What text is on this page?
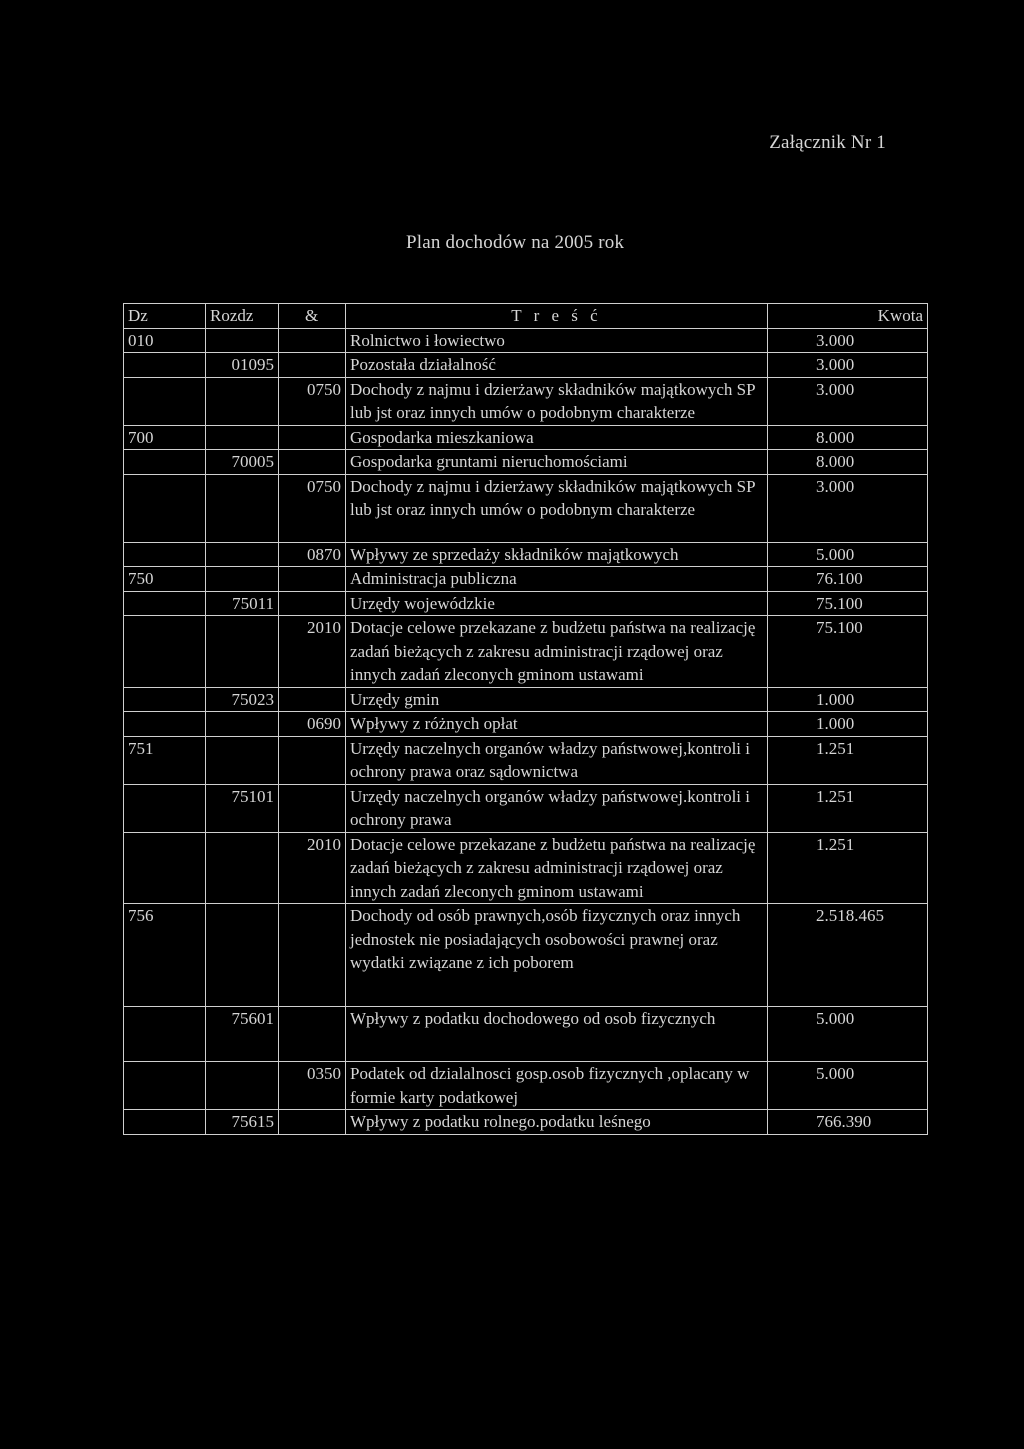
Załącznik Nr 1
Plan dochodów na 2005 rok
Dz	Rozdz	&	T r e ś ć	Kwota
010			Rolnictwo i łowiectwo	3.000
	01095		Pozostała działalność	3.000
		0750	Dochody z najmu i dzierżawy składników majątkowych SP lub jst oraz innych umów o podobnym charakterze	3.000
700			Gospodarka mieszkaniowa	8.000
	70005		Gospodarka gruntami nieruchomościami	8.000
		0750	Dochody z najmu i dzierżawy składników majątkowych SP lub jst oraz innych umów o podobnym charakterze	3.000
		0870	Wpływy ze sprzedaży składników majątkowych	5.000
750			Administracja publiczna	76.100
	75011		Urzędy wojewódzkie	75.100
		2010	Dotacje celowe przekazane z budżetu państwa na realizację zadań bieżących z zakresu administracji rządowej oraz innych zadań zleconych gminom ustawami	75.100
	75023		Urzędy gmin	1.000
		0690	Wpływy z różnych opłat	1.000
751			Urzędy naczelnych organów władzy państwowej,kontroli i ochrony prawa oraz sądownictwa	1.251
	75101		Urzędy naczelnych organów władzy państwowej.kontroli i ochrony prawa	1.251
		2010	Dotacje celowe przekazane z budżetu państwa na realizację zadań bieżących z zakresu administracji rządowej oraz innych zadań zleconych gminom ustawami	1.251
756			Dochody od osób prawnych,osób fizycznych oraz innych jednostek nie posiadających osobowości prawnej oraz wydatki związane z ich poborem	2.518.465
	75601		Wpływy z podatku dochodowego od osob fizycznych	5.000
		0350	Podatek od dzialalnosci gosp.osob fizycznych ,oplacany w formie karty podatkowej	5.000
	75615		Wpływy z podatku rolnego.podatku leśnego	766.390
